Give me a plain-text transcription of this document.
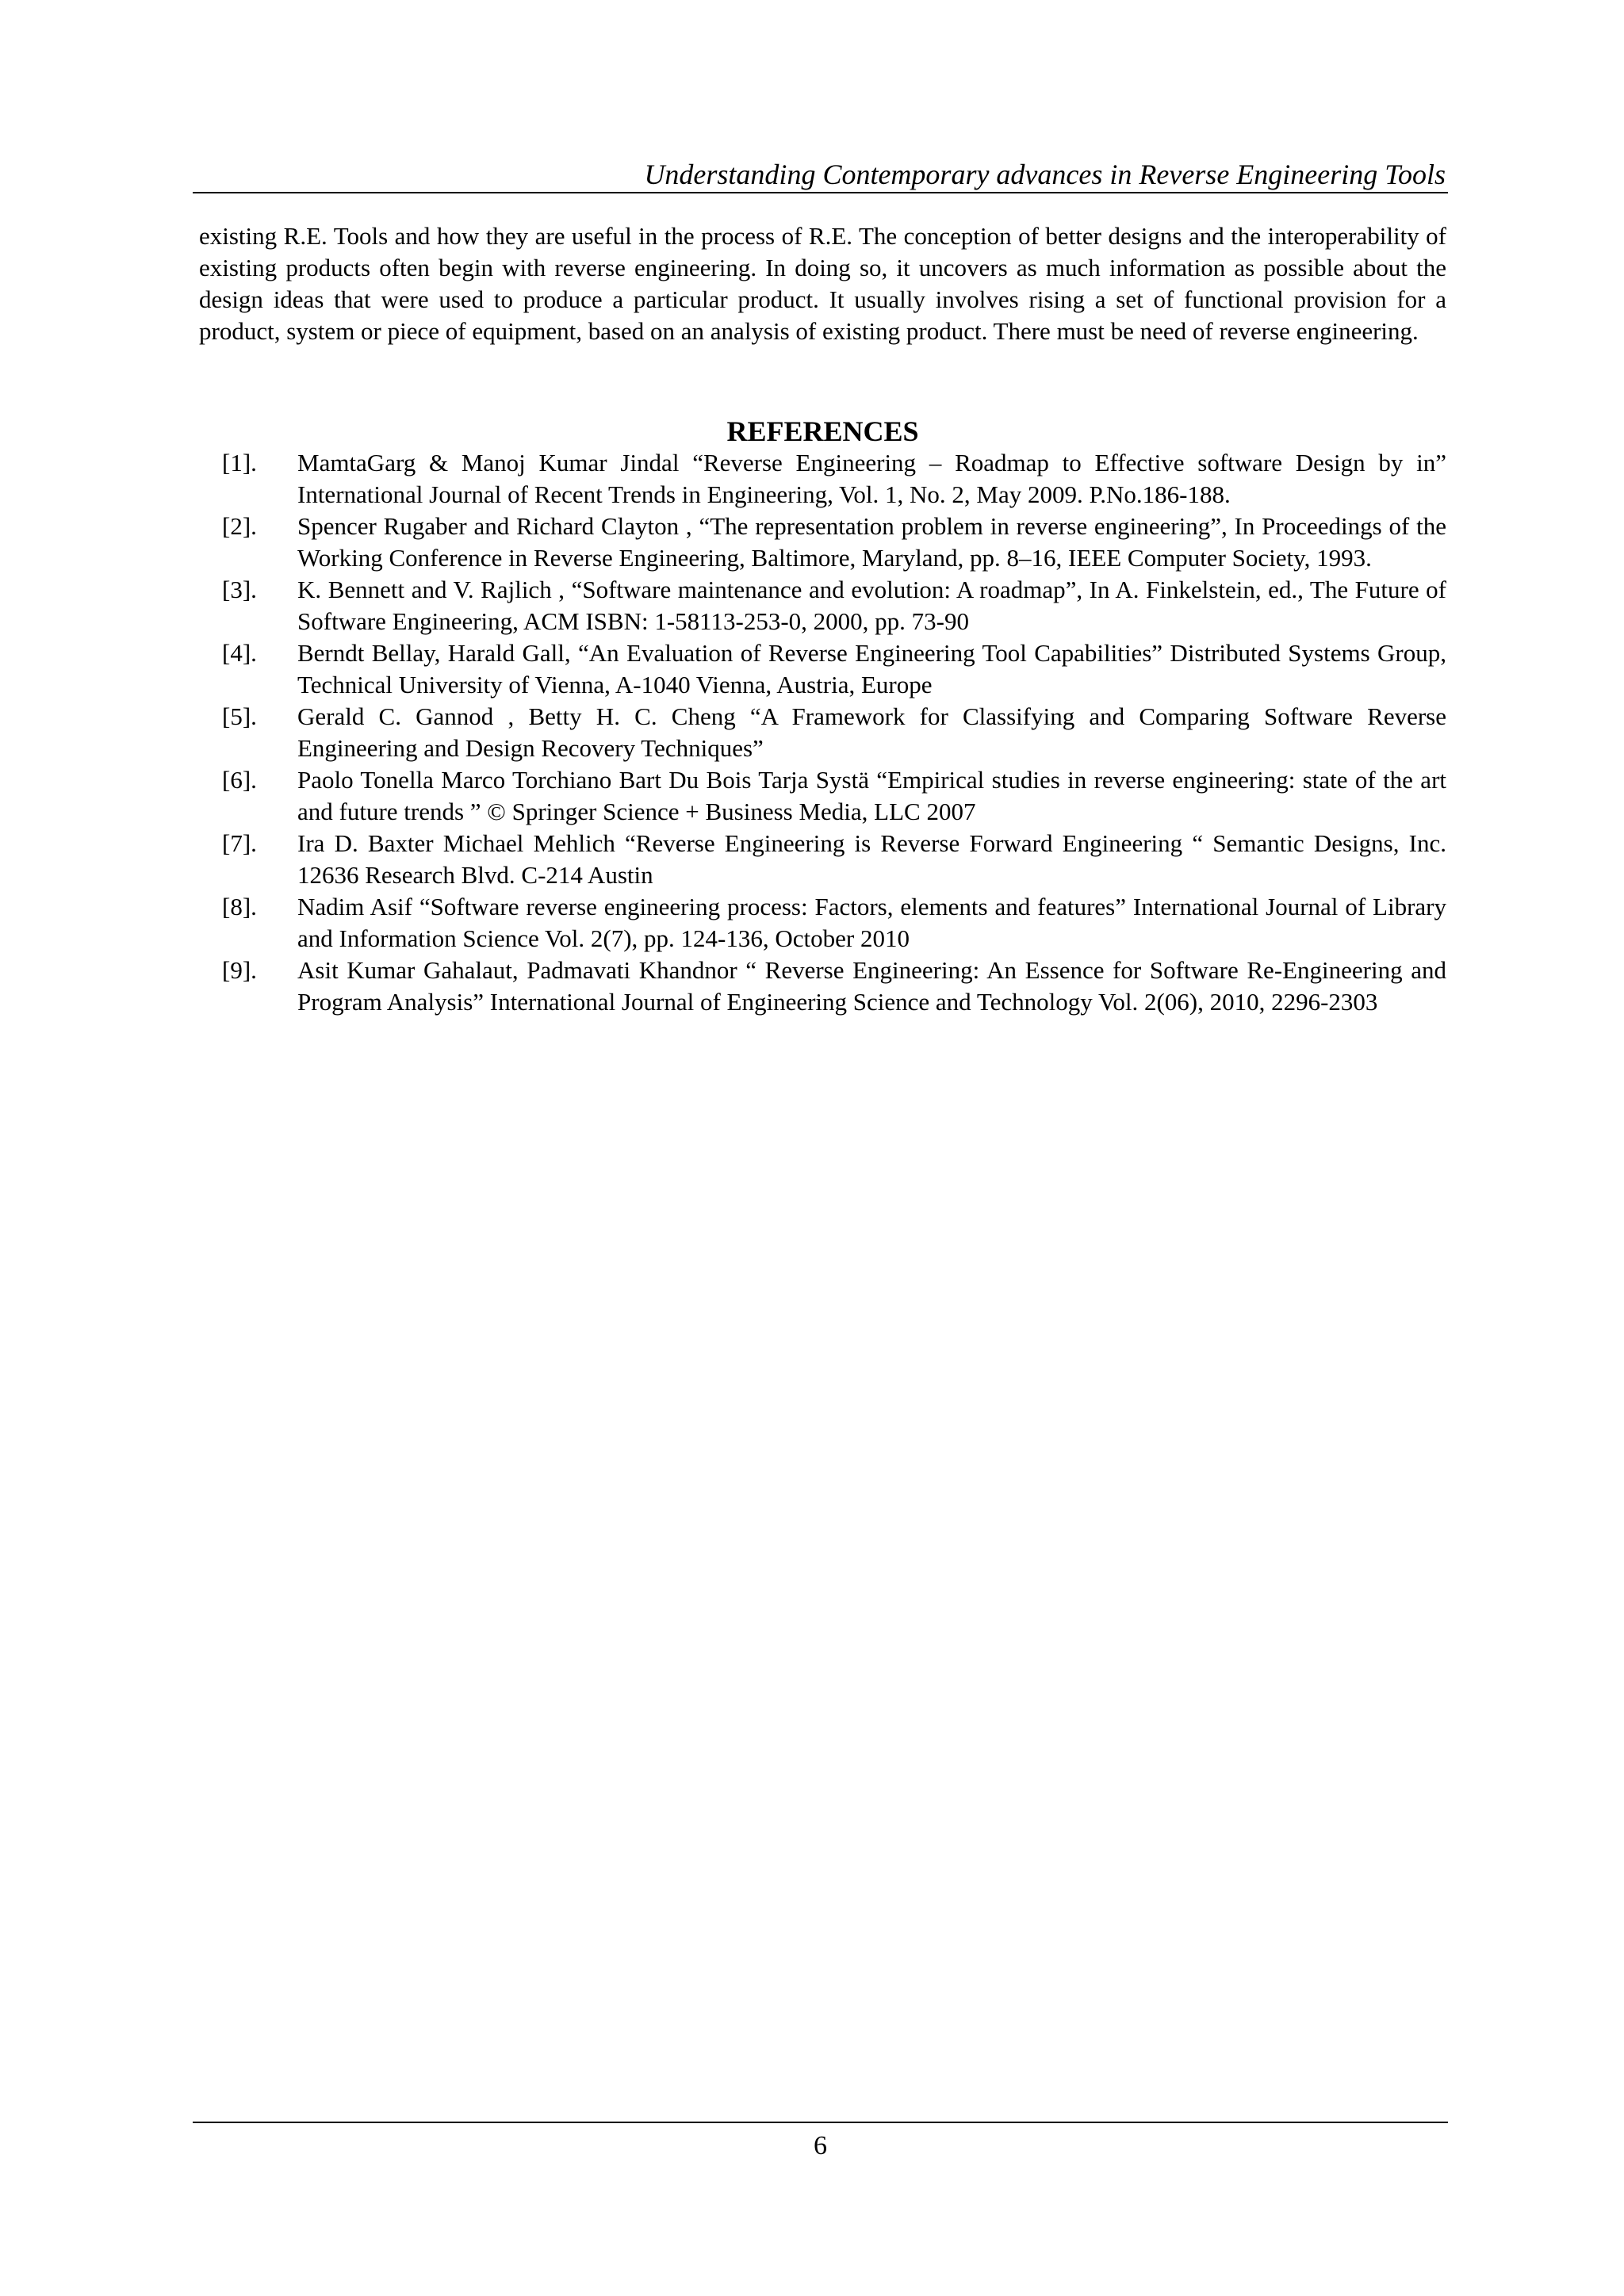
Understanding Contemporary advances in Reverse Engineering Tools

existing R.E. Tools and how they are useful in the process of R.E. The conception of better designs and the interoperability of existing products often begin with reverse engineering. In doing so, it uncovers as much information as possible about the design ideas that were used to produce a particular product. It usually involves rising a set of functional provision for a product, system or piece of equipment, based on an analysis of existing product. There must be need of reverse engineering.

REFERENCES
[1].	MamtaGarg & Manoj Kumar Jindal “Reverse Engineering – Roadmap to Effective software Design by in” International Journal of Recent Trends in Engineering, Vol. 1, No. 2, May 2009. P.No.186-188.
[2].	Spencer Rugaber and Richard Clayton , “The representation problem in reverse engineering”, In Proceedings of the Working Conference in Reverse Engineering, Baltimore, Maryland, pp. 8–16, IEEE Computer Society, 1993.
[3].	K. Bennett and V. Rajlich , “Software maintenance and evolution: A roadmap”, In A. Finkelstein, ed., The Future of Software Engineering, ACM ISBN: 1-58113-253-0, 2000, pp. 73-90
[4].	Berndt Bellay, Harald Gall, “An Evaluation of Reverse Engineering Tool Capabilities” Distributed Systems Group, Technical University of Vienna, A-1040 Vienna, Austria, Europe
[5].	Gerald C. Gannod , Betty H. C. Cheng “A Framework for Classifying and Comparing Software Reverse Engineering and Design Recovery Techniques”
[6].	Paolo Tonella Marco Torchiano Bart Du Bois Tarja Systä “Empirical studies in reverse engineering: state of the art and future trends ” © Springer Science + Business Media, LLC 2007
[7].	Ira D. Baxter Michael Mehlich “Reverse Engineering is Reverse Forward Engineering “ Semantic Designs, Inc. 12636 Research Blvd. C-214 Austin
[8].	Nadim Asif “Software reverse engineering process: Factors, elements and features” International Journal of Library and Information Science Vol. 2(7), pp. 124-136, October 2010
[9].	Asit Kumar Gahalaut, Padmavati Khandnor “ Reverse Engineering: An Essence for Software Re-Engineering and Program Analysis” International Journal of Engineering Science and Technology Vol. 2(06), 2010, 2296-2303
6
